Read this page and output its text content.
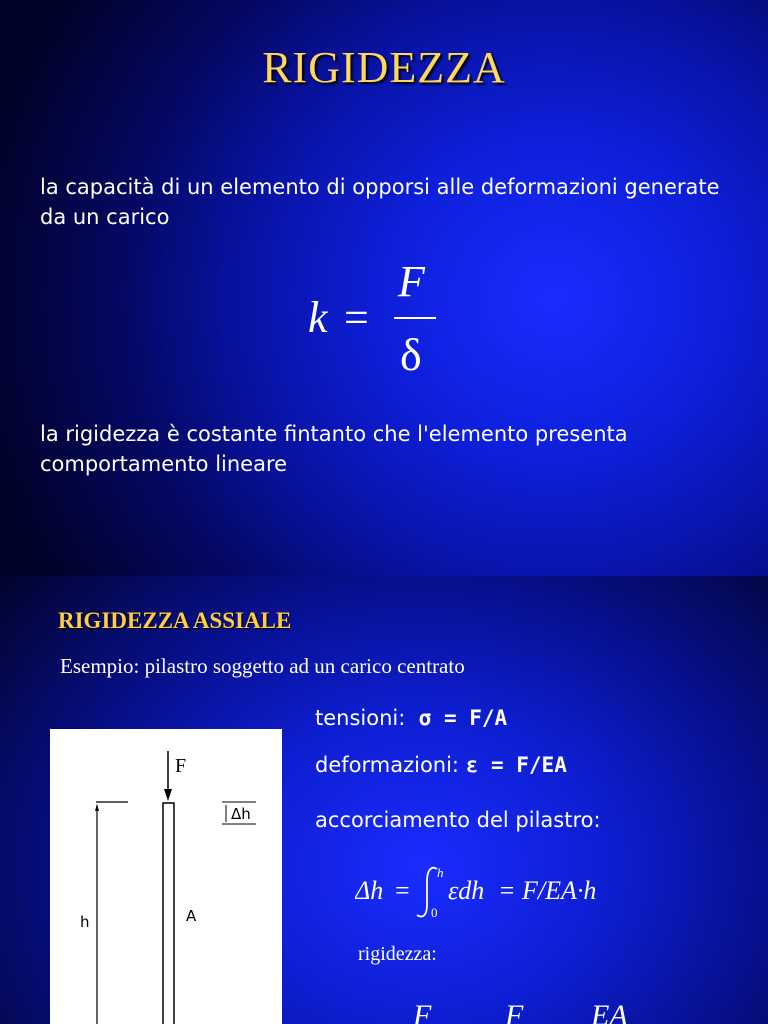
RIGIDEZZA
la capacità di un elemento di opporsi alle deformazioni generate da un carico
k =
F
δ
la rigidezza è costante fintanto che l'elemento presenta comportamento lineare
RIGIDEZZA ASSIALE
Esempio: pilastro soggetto ad un carico centrato
F
h	A
Δh
tensioni: σ = F/A
deformazioni: ε = F/EA
accorciamento del pilastro:
Δh =
h
0
εdh = F/EA·h
rigidezza:
F F EA
